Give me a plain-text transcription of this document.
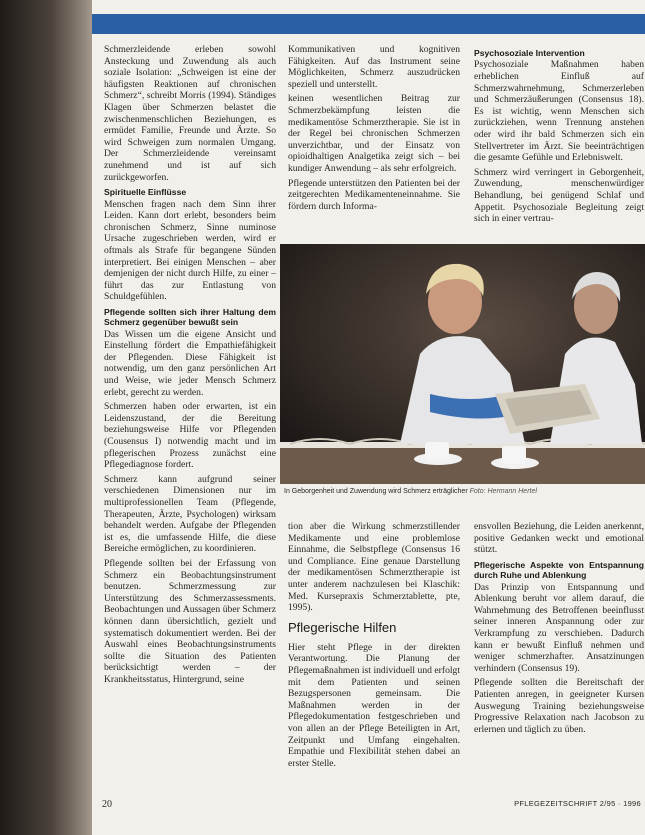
Schmerzleidende erleben sowohl Ansteckung und Zuwendung als auch soziale Isolation: „Schweigen ist eine der häufigsten Reaktionen auf chronischen Schmerz“, schreibt Morris (1994). Ständiges Klagen über Schmerzen belastet die zwischenmenschlichen Beziehungen, es ermüdet Familie, Freunde und Ärzte. So wird Schweigen zum normalen Umgang. Der Schmerzleidende vereinsamt zunehmend und ist auf sich zurückgeworfen.

Spirituelle Einflüsse

Menschen fragen nach dem Sinn ihrer Leiden. Kann dort erlebt, besonders beim chronischen Schmerz, Sinne numinose Ursache zugeschrieben werden, wird er oftmals als Strafe für begangene Sünden interpretiert. Bei einigen Menschen – aber demjenigen der nicht durch Hilfe, zu einer – führt das zur Entlastung von Schuldgefühlen.

Pflegende sollten sich ihrer Haltung dem Schmerz gegenüber bewußt sein

Das Wissen um die eigene Ansicht und Einstellung fördert die Empathiefähigkeit der Pflegenden. Diese Fähigkeit ist notwendig, um den ganz persönlichen Art und Weise, wie jeder Mensch Schmerz erlebt, gerecht zu werden.

Schmerzen haben oder erwarten, ist ein Leidenszustand, der die Bereitung beziehungsweise Hilfe vor Pflegenden (Cousensus I) notwendig macht und im pflegerischen Prozess zunächst eine Pflegediagnose fordert.

Schmerz kann aufgrund seiner verschiedenen Dimensionen nur im multiprofessionellen Team (Pflegende, Therapeuten, Ärzte, Psychologen) wirksam behandelt werden. Aufgabe der Pflegenden ist es, die umfassende Hilfe, die diese Bereiche ermöglichen, zu koordinieren.

Pflegende sollten bei der Erfassung von Schmerz ein Beobachtungsinstrument benutzen. Schmerzmessung zur Unterstützung des Schmerzassessments. Beobachtungen und Aussagen über Schmerz können dann übersichtlich, gezielt und systematisch dokumentiert werden. Bei der Auswahl eines Beobachtungsinstruments sollte die Situation des Patienten berücksichtigt werden – der Krankheitsstatus, Hintergrund, seine

Kommunikativen und kognitiven Fähigkeiten. Auf das Instrument seine Möglichkeiten, Schmerz auszudrücken speziell und unterstellt.

keinen wesentlichen Beitrag zur Schmerzbekämpfung leisten die medikamentöse Schmerztherapie. Sie ist in der Regel bei chronischen Schmerzen unverzichtbar, und der Einsatz von opioidhaltigen Analgetika zeigt sich – bei kundiger Anwendung – als sehr erfolgreich.

Pflegende unterstützen den Patienten bei der zeitgerechten Medikamenteneinnahme. Sie fördern durch Informa-

Psychosoziale Intervention

Psychosoziale Maßnahmen haben erheblichen Einfluß auf Schmerzwahrnehmung, Schmerzerleben und Schmerzäußerungen (Consensus 18). Es ist wichtig, wenn Menschen sich zurückziehen, wenn Trennung anstehen oder wird ihr bald Schmerzen sich ein Stellvertreter im Ärzt. Sie beeinträchtigen die gesamte Gefühle und Erlebniswelt.

Schmerz wird verringert in Geborgenheit, Zuwendung, menschenwürdiger Behandlung, bei genügend Schlaf und Appetit. Psychosoziale Begleitung zeigt sich in einer vertrau-

In Geborgenheit und Zuwendung wird Schmerz erträglicher Foto: Hermann Hertel

tion aber die Wirkung schmerzstillender Medikamente und eine problemlose Einnahme, die Selbstpflege (Consensus 16 und Compliance. Eine genaue Darstellung der medikamentösen Schmerztherapie ist unter anderem nachzulesen bei Klaschik: Med. Kursepraxis Schmerztablette, pte, 1995).

Pflegerische Hilfen

Hier steht Pflege in der direkten Verantwortung. Die Planung der Pflegemaßnahmen ist individuell und erfolgt mit dem Patienten und seinen Bezugspersonen gemeinsam. Die Maßnahmen werden in der Pflegedokumentation festgeschrieben und von allen an der Pflege Beteiligten in Art, Zeitpunkt und Umfang eingehalten. Empathie und Flexibilität stehen dabei an erster Stelle.

ensvollen Beziehung, die Leiden anerkennt, positive Gedanken weckt und emotional stützt.

Pflegerische Aspekte von Entspannung durch Ruhe und Ablenkung

Das Prinzip von Entspannung und Ablenkung beruht vor allem darauf, die Wahrnehmung des Betroffenen beeinflusst seiner inneren Anspannung oder zur Verkrampfung zu verschieben. Dadurch kann er bewußt Einfluß nehmen und weniger schmerzhafter. Ansatzinungen verhindern (Consensus 19).

Pflegende sollten die Bereitschaft der Patienten anregen, in geeigneter Kursen Auswegung Training beziehungsweise Progressive Relaxation nach Jacobson zu erlernen und täglich zu üben.

20	PFLEGEZEITSCHRIFT 2/95 · 1996
